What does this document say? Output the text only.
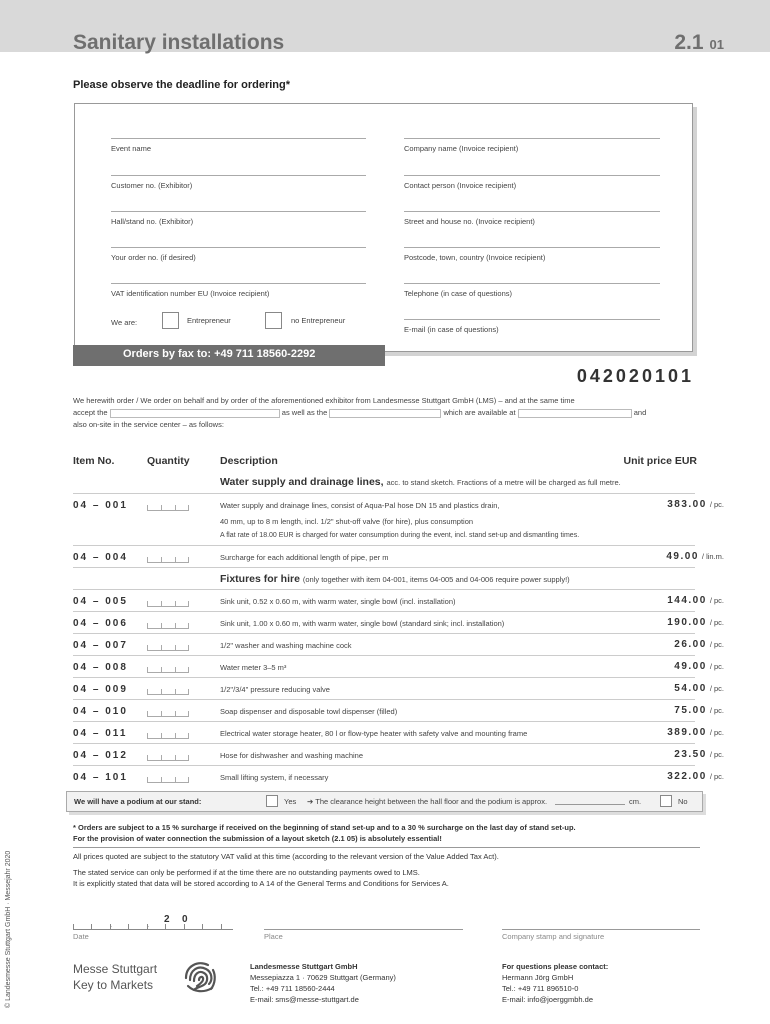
Sanitary installations	2.1 01
Please observe the deadline for ordering*
Event name
Customer no. (Exhibitor)
Hall/stand no. (Exhibitor)
Your order no. (if desired)
VAT identification number EU (Invoice recipient)
Company name (Invoice recipient)
Contact person (Invoice recipient)
Street and house no. (Invoice recipient)
Postcode, town, country (Invoice recipient)
Telephone (in case of questions)
E-mail (in case of questions)
We are:	Entrepreneur	no Entrepreneur
Orders by fax to: +49 711 18560-2292
042020101
We herewith order / We order on behalf and by order of the aforementioned exhibitor from Landesmesse Stuttgart GmbH (LMS) – and at the same time
accept the	as well as the	which are available at	and
also on-site in the service center – as follows:
Item No.	Quantity	Description	Unit price EUR
Water supply and drainage lines, acc. to stand sketch. Fractions of a metre will be charged as full metre.
04 – 001	Water supply and drainage lines, consist of Aqua-Pal hose DN 15 and plastics drain,
40 mm, up to 8 m length, incl. 1/2" shut-off valve (for hire), plus consumption
A flat rate of 18.00 EUR is charged for water consumption during the event, incl. stand set-up and dismantling times.
383.00 / pc.
04 – 004	Surcharge for each additional length of pipe, per m	49.00 / lin.m.
Fixtures for hire (only together with item 04-001, items 04-005 and 04-006 require power supply!)
04 – 005	Sink unit, 0.52 x 0.60 m, with warm water, single bowl (incl. installation)	144.00 / pc.
04 – 006	Sink unit, 1.00 x 0.60 m, with warm water, single bowl (standard sink; incl. installation)	190.00 / pc.
04 – 007	1/2" washer and washing machine cock	26.00 / pc.
04 – 008	Water meter 3–5 m³	49.00 / pc.
04 – 009	1/2"/3/4" pressure reducing valve	54.00 / pc.
04 – 010	Soap dispenser and disposable towl dispenser (filled)	75.00 / pc.
04 – 011	Electrical water storage heater, 80 l or flow-type heater with safety valve and mounting frame	389.00 / pc.
04 – 012	Hose for dishwasher and washing machine	23.50 / pc.
04 – 101	Small lifting system, if necessary	322.00 / pc.
We will have a podium at our stand:	Yes ➔ The clearance height between the hall floor and the podium is approx.	cm.	No
* Orders are subject to a 15 % surcharge if received on the beginning of stand set-up and to a 30 % surcharge on the last day of stand set-up.
For the provision of water connection the submission of a layout sketch (2.1 05) is absolutely essential!
All prices quoted are subject to the statutory VAT valid at this time (according to the relevant version of the Value Added Tax Act).
The stated service can only be performed if at the time there are no outstanding payments owed to LMS.
It is explicitly stated that data will be stored according to A 14 of the General Terms and Conditions for Services A.
.	. 2 0
Date	Place	Company stamp and signature
Messe Stuttgart
Key to Markets
Landesmesse Stuttgart GmbH
Messepiazza 1 · 70629 Stuttgart (Germany)
Tel.: +49 711 18560-2444
E-mail: sms@messe-stuttgart.de
For questions please contact:
Hermann Jörg GmbH
Tel.: +49 711 896510-0
E-mail: info@joerggmbh.de
© Landesmesse Stuttgart GmbH · Messejahr 2020
